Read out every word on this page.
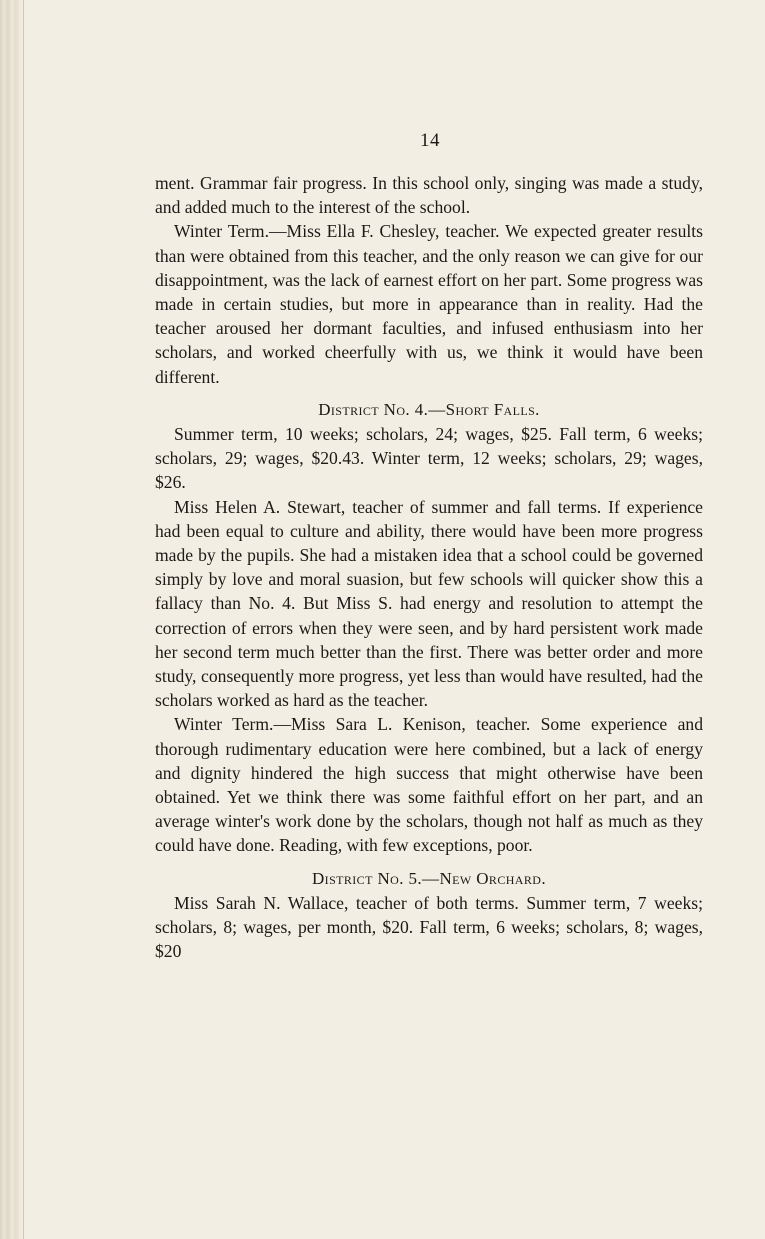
14

ment. Grammar fair progress. In this school only, singing was made a study, and added much to the interest of the school.

Winter Term.—Miss Ella F. Chesley, teacher. We expected greater results than were obtained from this teacher, and the only reason we can give for our disappointment, was the lack of earnest effort on her part. Some progress was made in certain studies, but more in appearance than in reality. Had the teacher aroused her dormant faculties, and infused enthusiasm into her scholars, and worked cheerfully with us, we think it would have been different.

District No. 4.—Short Falls.

Summer term, 10 weeks; scholars, 24; wages, $25. Fall term, 6 weeks; scholars, 29; wages, $20.43. Winter term, 12 weeks; scholars, 29; wages, $26.

Miss Helen A. Stewart, teacher of summer and fall terms. If experience had been equal to culture and ability, there would have been more progress made by the pupils. She had a mistaken idea that a school could be governed simply by love and moral suasion, but few schools will quicker show this a fallacy than No. 4. But Miss S. had energy and resolution to attempt the correction of errors when they were seen, and by hard persistent work made her second term much better than the first. There was better order and more study, consequently more progress, yet less than would have resulted, had the scholars worked as hard as the teacher.

Winter Term.—Miss Sara L. Kenison, teacher. Some experience and thorough rudimentary education were here combined, but a lack of energy and dignity hindered the high success that might otherwise have been obtained. Yet we think there was some faithful effort on her part, and an average winter's work done by the scholars, though not half as much as they could have done. Reading, with few exceptions, poor.

District No. 5.—New Orchard.

Miss Sarah N. Wallace, teacher of both terms. Summer term, 7 weeks; scholars, 8; wages, per month, $20. Fall term, 6 weeks; scholars, 8; wages, $20
